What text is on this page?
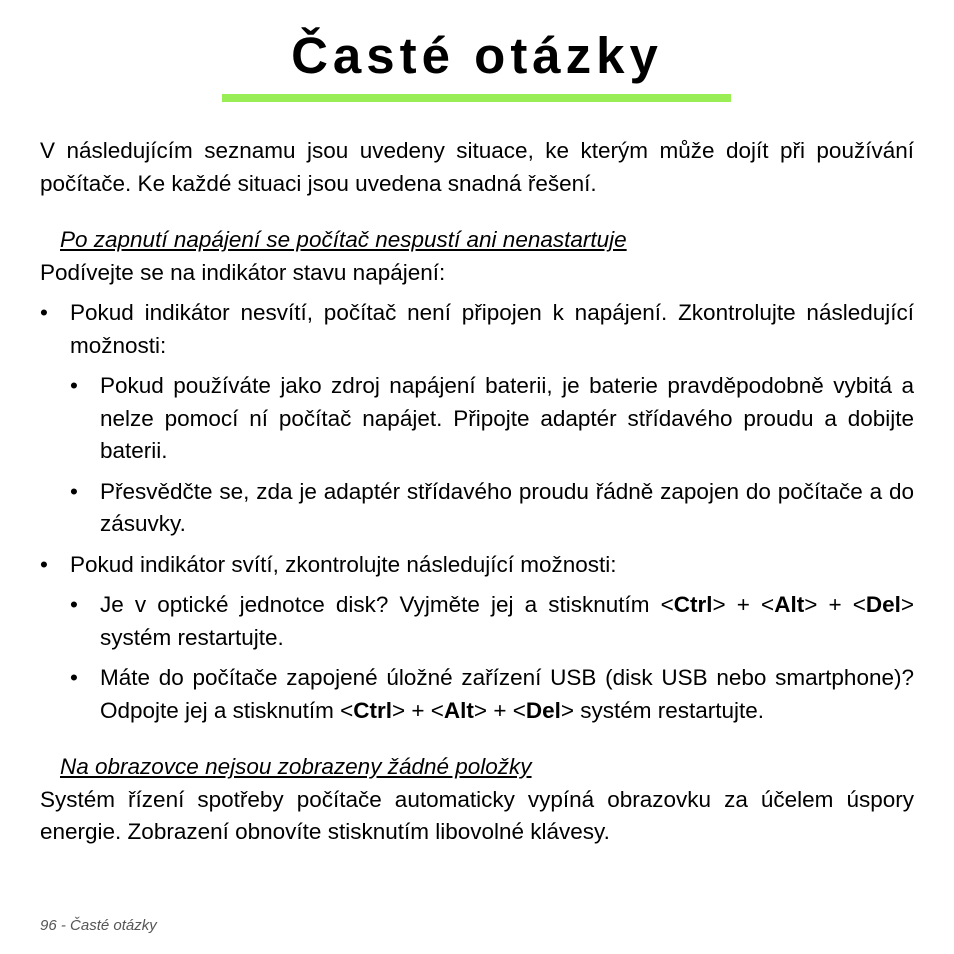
Časté otázky

V následujícím seznamu jsou uvedeny situace, ke kterým může dojít při používání počítače. Ke každé situaci jsou uvedena snadná řešení.

Po zapnutí napájení se počítač nespustí ani nenastartuje

Podívejte se na indikátor stavu napájení:

• Pokud indikátor nesvítí, počítač není připojen k napájení. Zkontrolujte následující možnosti:
• Pokud používáte jako zdroj napájení baterii, je baterie pravděpodobně vybitá a nelze pomocí ní počítač napájet. Připojte adaptér střídavého proudu a dobijte baterii.
• Přesvědčte se, zda je adaptér střídavého proudu řádně zapojen do počítače a do zásuvky.
• Pokud indikátor svítí, zkontrolujte následující možnosti:
• Je v optické jednotce disk? Vyjměte jej a stisknutím <Ctrl> + <Alt> + <Del> systém restartujte.
• Máte do počítače zapojené úložné zařízení USB (disk USB nebo smartphone)? Odpojte jej a stisknutím <Ctrl> + <Alt> + <Del> systém restartujte.

Na obrazovce nejsou zobrazeny žádné položky

Systém řízení spotřeby počítače automaticky vypíná obrazovku za účelem úspory energie. Zobrazení obnovíte stisknutím libovolné klávesy.

96 - Časté otázky
